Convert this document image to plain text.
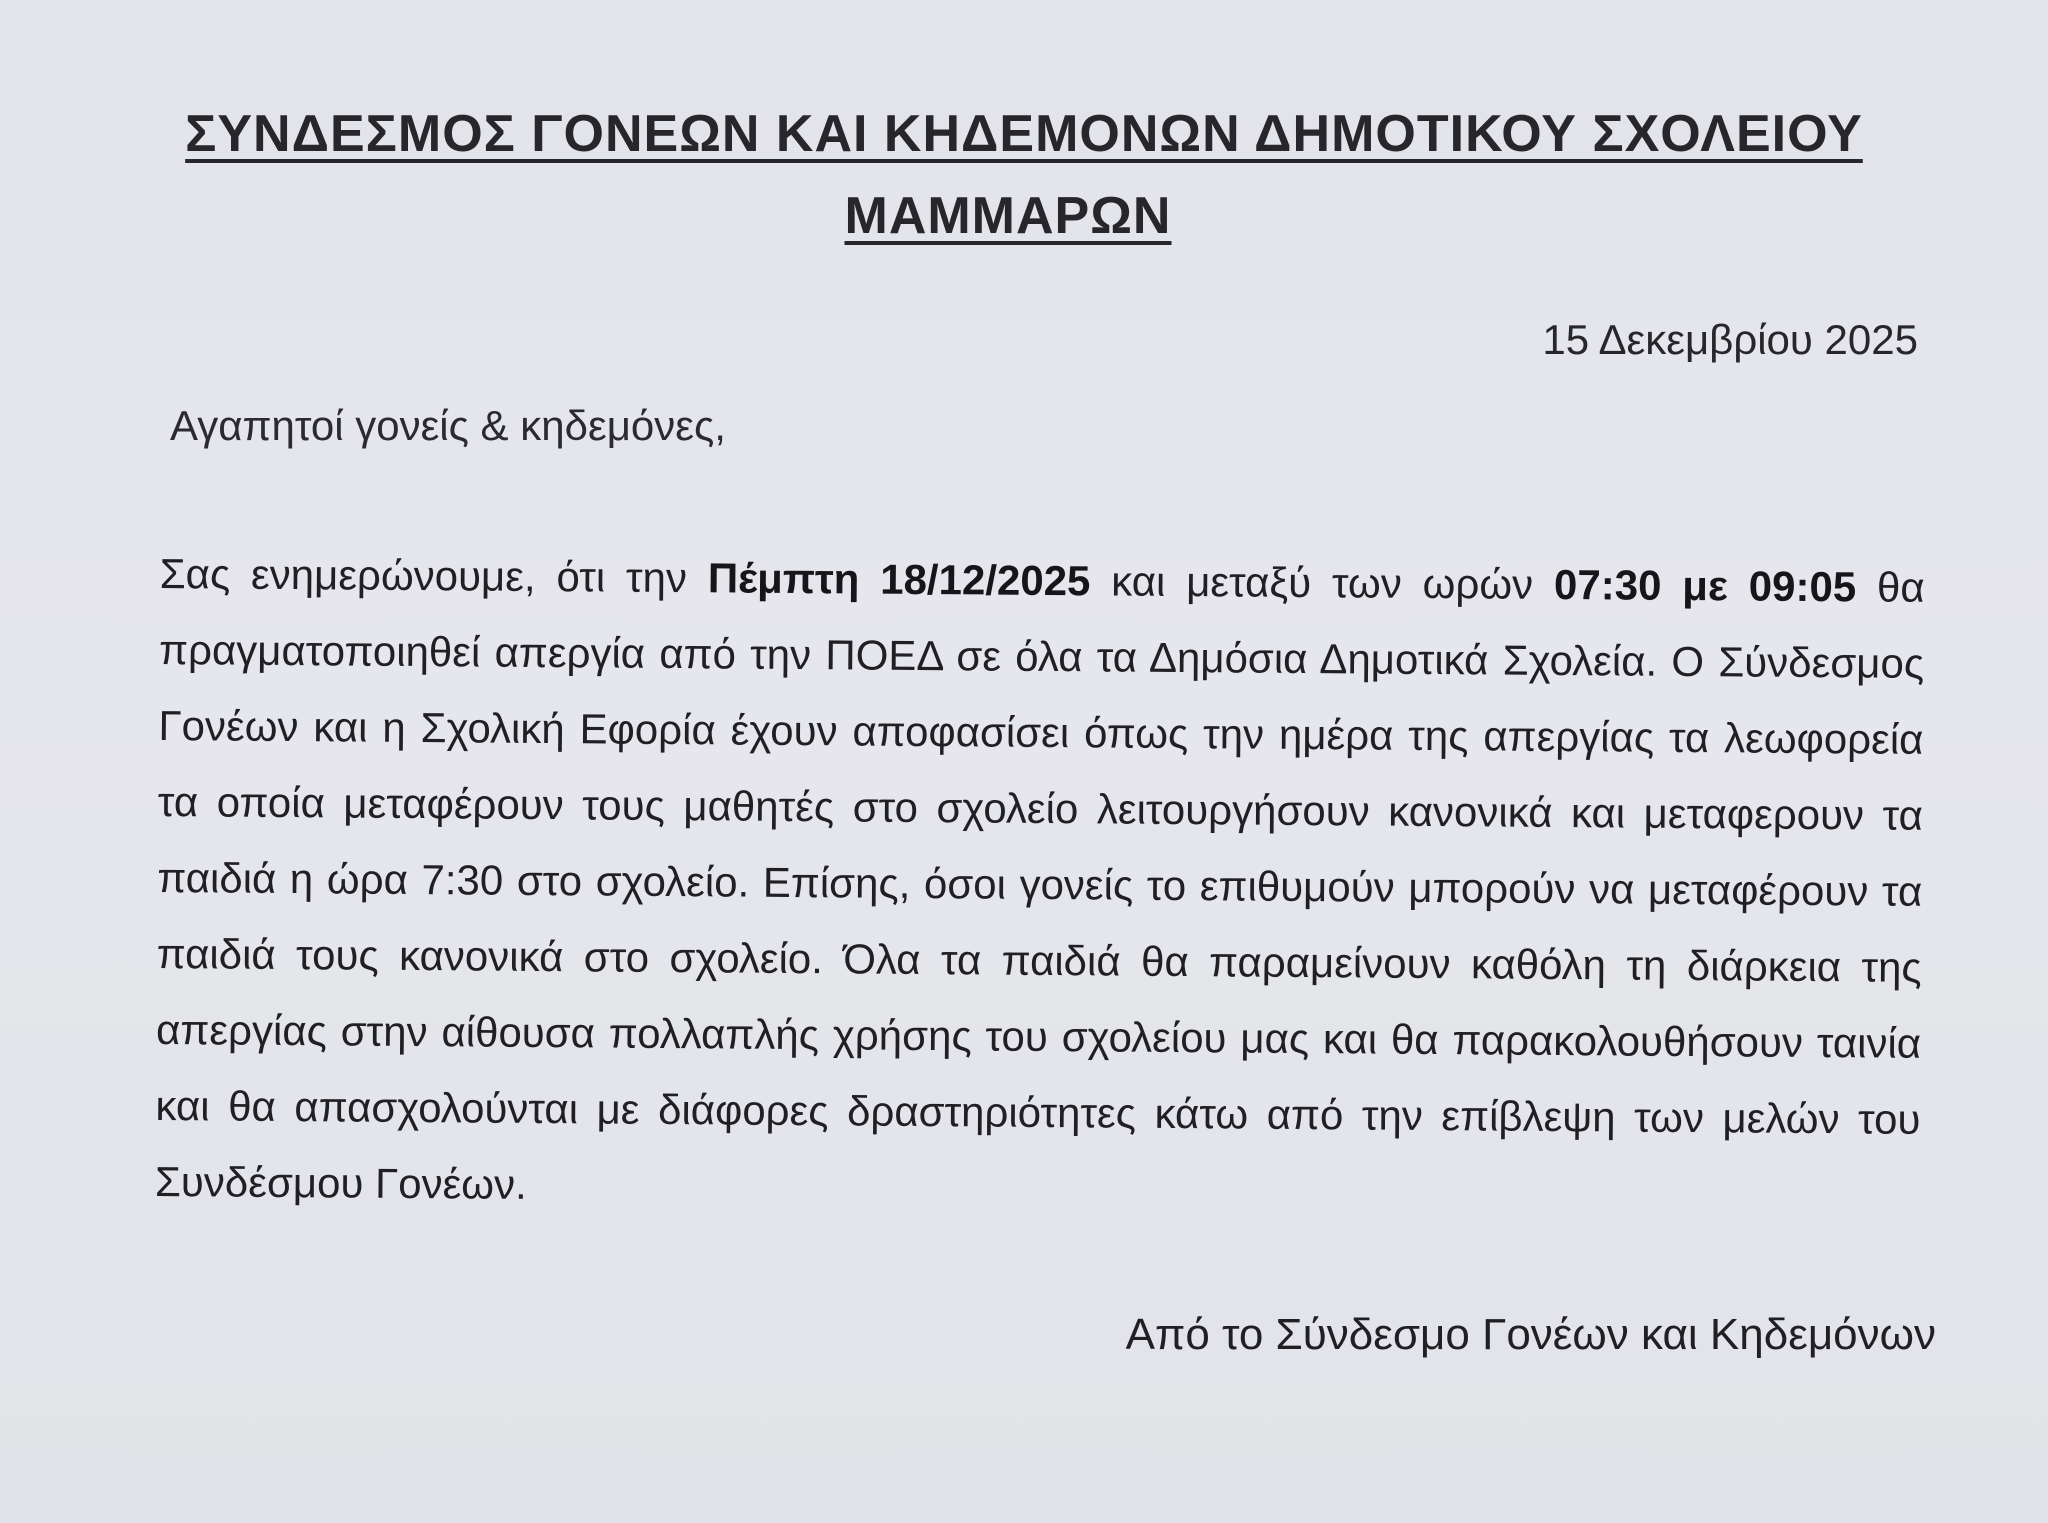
ΣΥΝΔΕΣΜΟΣ ΓΟΝΕΩΝ ΚΑΙ ΚΗΔΕΜΟΝΩΝ ΔΗΜΟΤΙΚΟΥ ΣΧΟΛΕΙΟΥ
ΜΑΜΜΑΡΩΝ
15 Δεκεμβρίου 2025
Αγαπητοί γονείς & κηδεμόνες,
Σας ενημερώνουμε, ότι την Πέμπτη 18/12/2025 και μεταξύ των ωρών 07:30 με 09:05 θα πραγματοποιηθεί απεργία από την ΠΟΕΔ σε όλα τα Δημόσια Δημοτικά Σχολεία. Ο Σύνδεσμος Γονέων και η Σχολική Εφορία έχουν αποφασίσει όπως την ημέρα της απεργίας τα λεωφορεία τα οποία μεταφέρουν τους μαθητές στο σχολείο λειτουργήσουν κανονικά και μεταφερουν τα παιδιά η ώρα 7:30 στο σχολείο. Επίσης, όσοι γονείς το επιθυμούν μπορούν να μεταφέρουν τα παιδιά τους κανονικά στο σχολείο. Όλα τα παιδιά θα παραμείνουν καθόλη τη διάρκεια της απεργίας στην αίθουσα πολλαπλής χρήσης του σχολείου μας και θα παρακολουθήσουν ταινία και θα απασχολούνται με διάφορες δραστηριότητες κάτω από την επίβλεψη των μελών του Συνδέσμου Γονέων.
Από το Σύνδεσμο Γονέων και Κηδεμόνων
